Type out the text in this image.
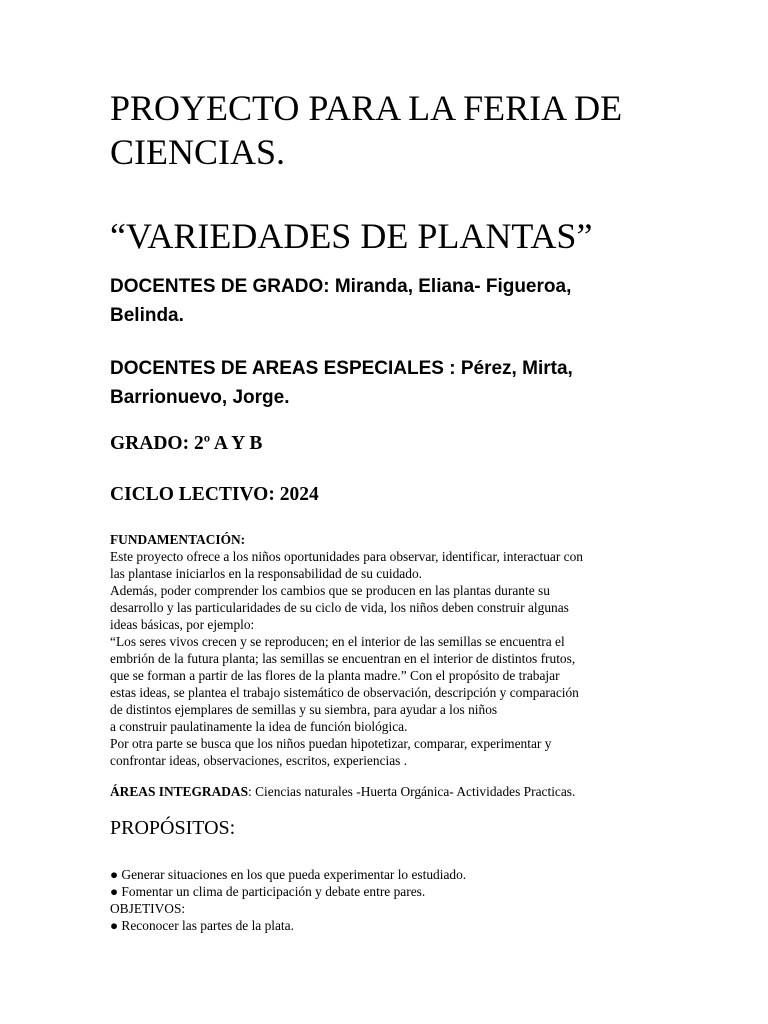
PROYECTO PARA LA FERIA DE CIENCIAS.
“VARIEDADES DE PLANTAS”
DOCENTES DE GRADO: Miranda, Eliana- Figueroa, Belinda.
DOCENTES DE AREAS ESPECIALES : Pérez, Mirta, Barrionuevo, Jorge.
GRADO: 2º A Y B
CICLO LECTIVO: 2024
FUNDAMENTACIÓN:
Este proyecto ofrece a los niños oportunidades para observar, identificar, interactuar con
las plantase iniciarlos en la responsabilidad de su cuidado.
Además, poder comprender los cambios que se producen en las plantas durante su
desarrollo y las particularidades de su ciclo de vida, los niños deben construir algunas
ideas básicas, por ejemplo:
“Los seres vivos crecen y se reproducen; en el interior de las semillas se encuentra el
embrión de la futura planta; las semillas se encuentran en el interior de distintos frutos,
que se forman a partir de las flores de la planta madre.” Con el propósito de trabajar
estas ideas, se plantea el trabajo sistemático de observación, descripción y comparación
de distintos ejemplares de semillas y su siembra, para ayudar a los niños
a construir paulatinamente la idea de función biológica.
Por otra parte se busca que los niños puedan hipotetizar, comparar, experimentar y
confrontar ideas, observaciones, escritos, experiencias .
ÁREAS INTEGRADAS: Ciencias naturales -Huerta Orgánica- Actividades Practicas.
PROPÓSITOS:
● Generar situaciones en los que pueda experimentar lo estudiado.
● Fomentar un clima de participación y debate entre pares.
OBJETIVOS:
● Reconocer las partes de la plata.
